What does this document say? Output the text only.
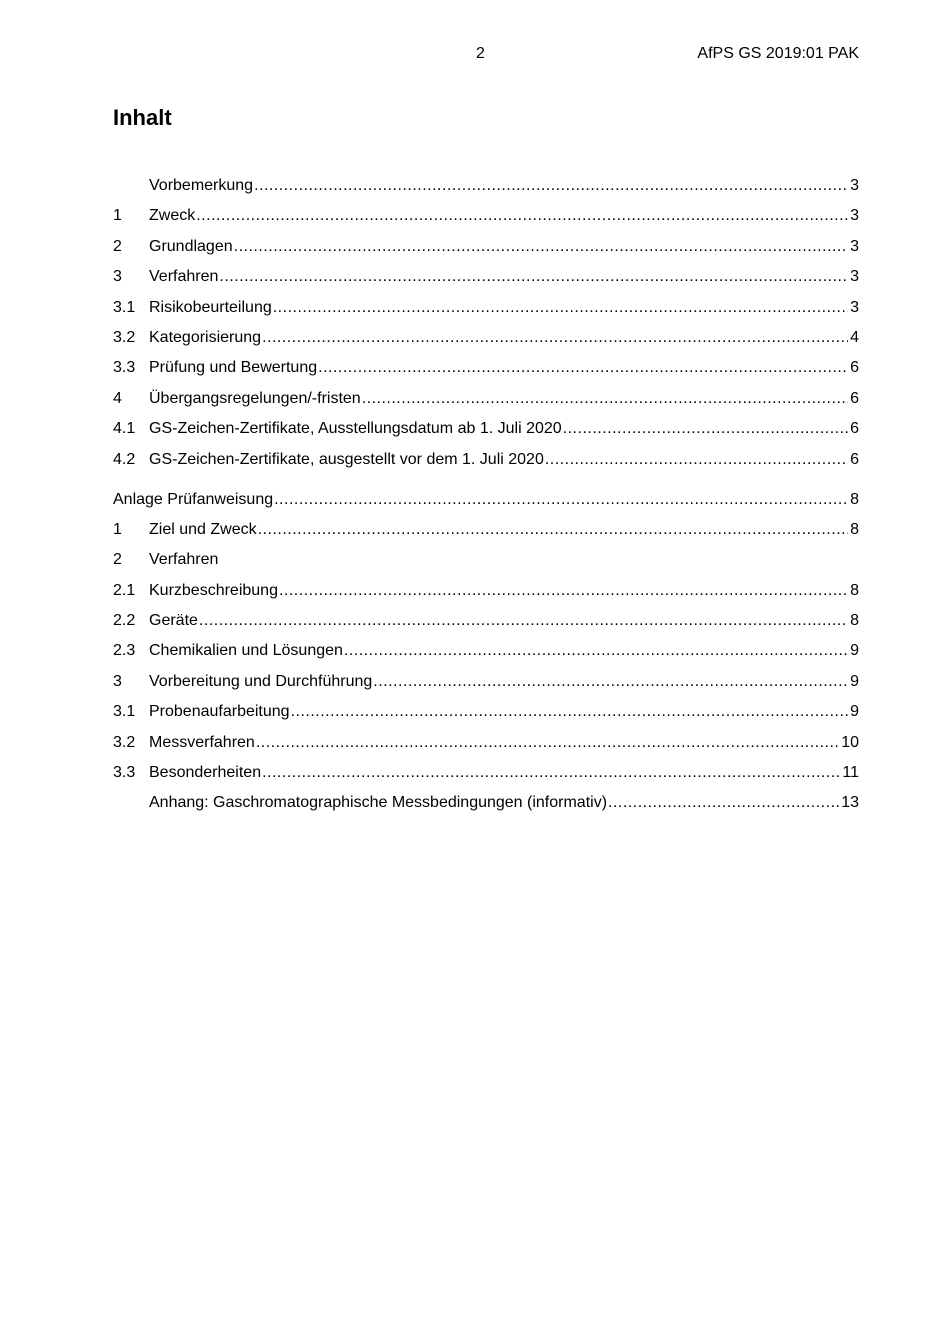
2	AfPS GS 2019:01 PAK
Inhalt
Vorbemerkung .....	3
1	Zweck .....	3
2	Grundlagen .....	3
3	Verfahren .....	3
3.1 Risikobeurteilung .....	3
3.2 Kategorisierung .....	4
3.3 Prüfung und Bewertung .....	6
4	Übergangsregelungen/-fristen .....	6
4.1 GS-Zeichen-Zertifikate, Ausstellungsdatum ab 1. Juli 2020 .....	6
4.2 GS-Zeichen-Zertifikate, ausgestellt vor dem 1. Juli 2020 .....	6
Anlage Prüfanweisung .....	8
1	Ziel und Zweck .....	8
2	Verfahren
2.1 Kurzbeschreibung .....	8
2.2 Geräte .....	8
2.3 Chemikalien und Lösungen .....	9
3	Vorbereitung und Durchführung .....	9
3.1 Probenaufarbeitung .....	9
3.2 Messverfahren .....	10
3.3 Besonderheiten .....	11
Anhang: Gaschromatographische Messbedingungen (informativ) .....	13
